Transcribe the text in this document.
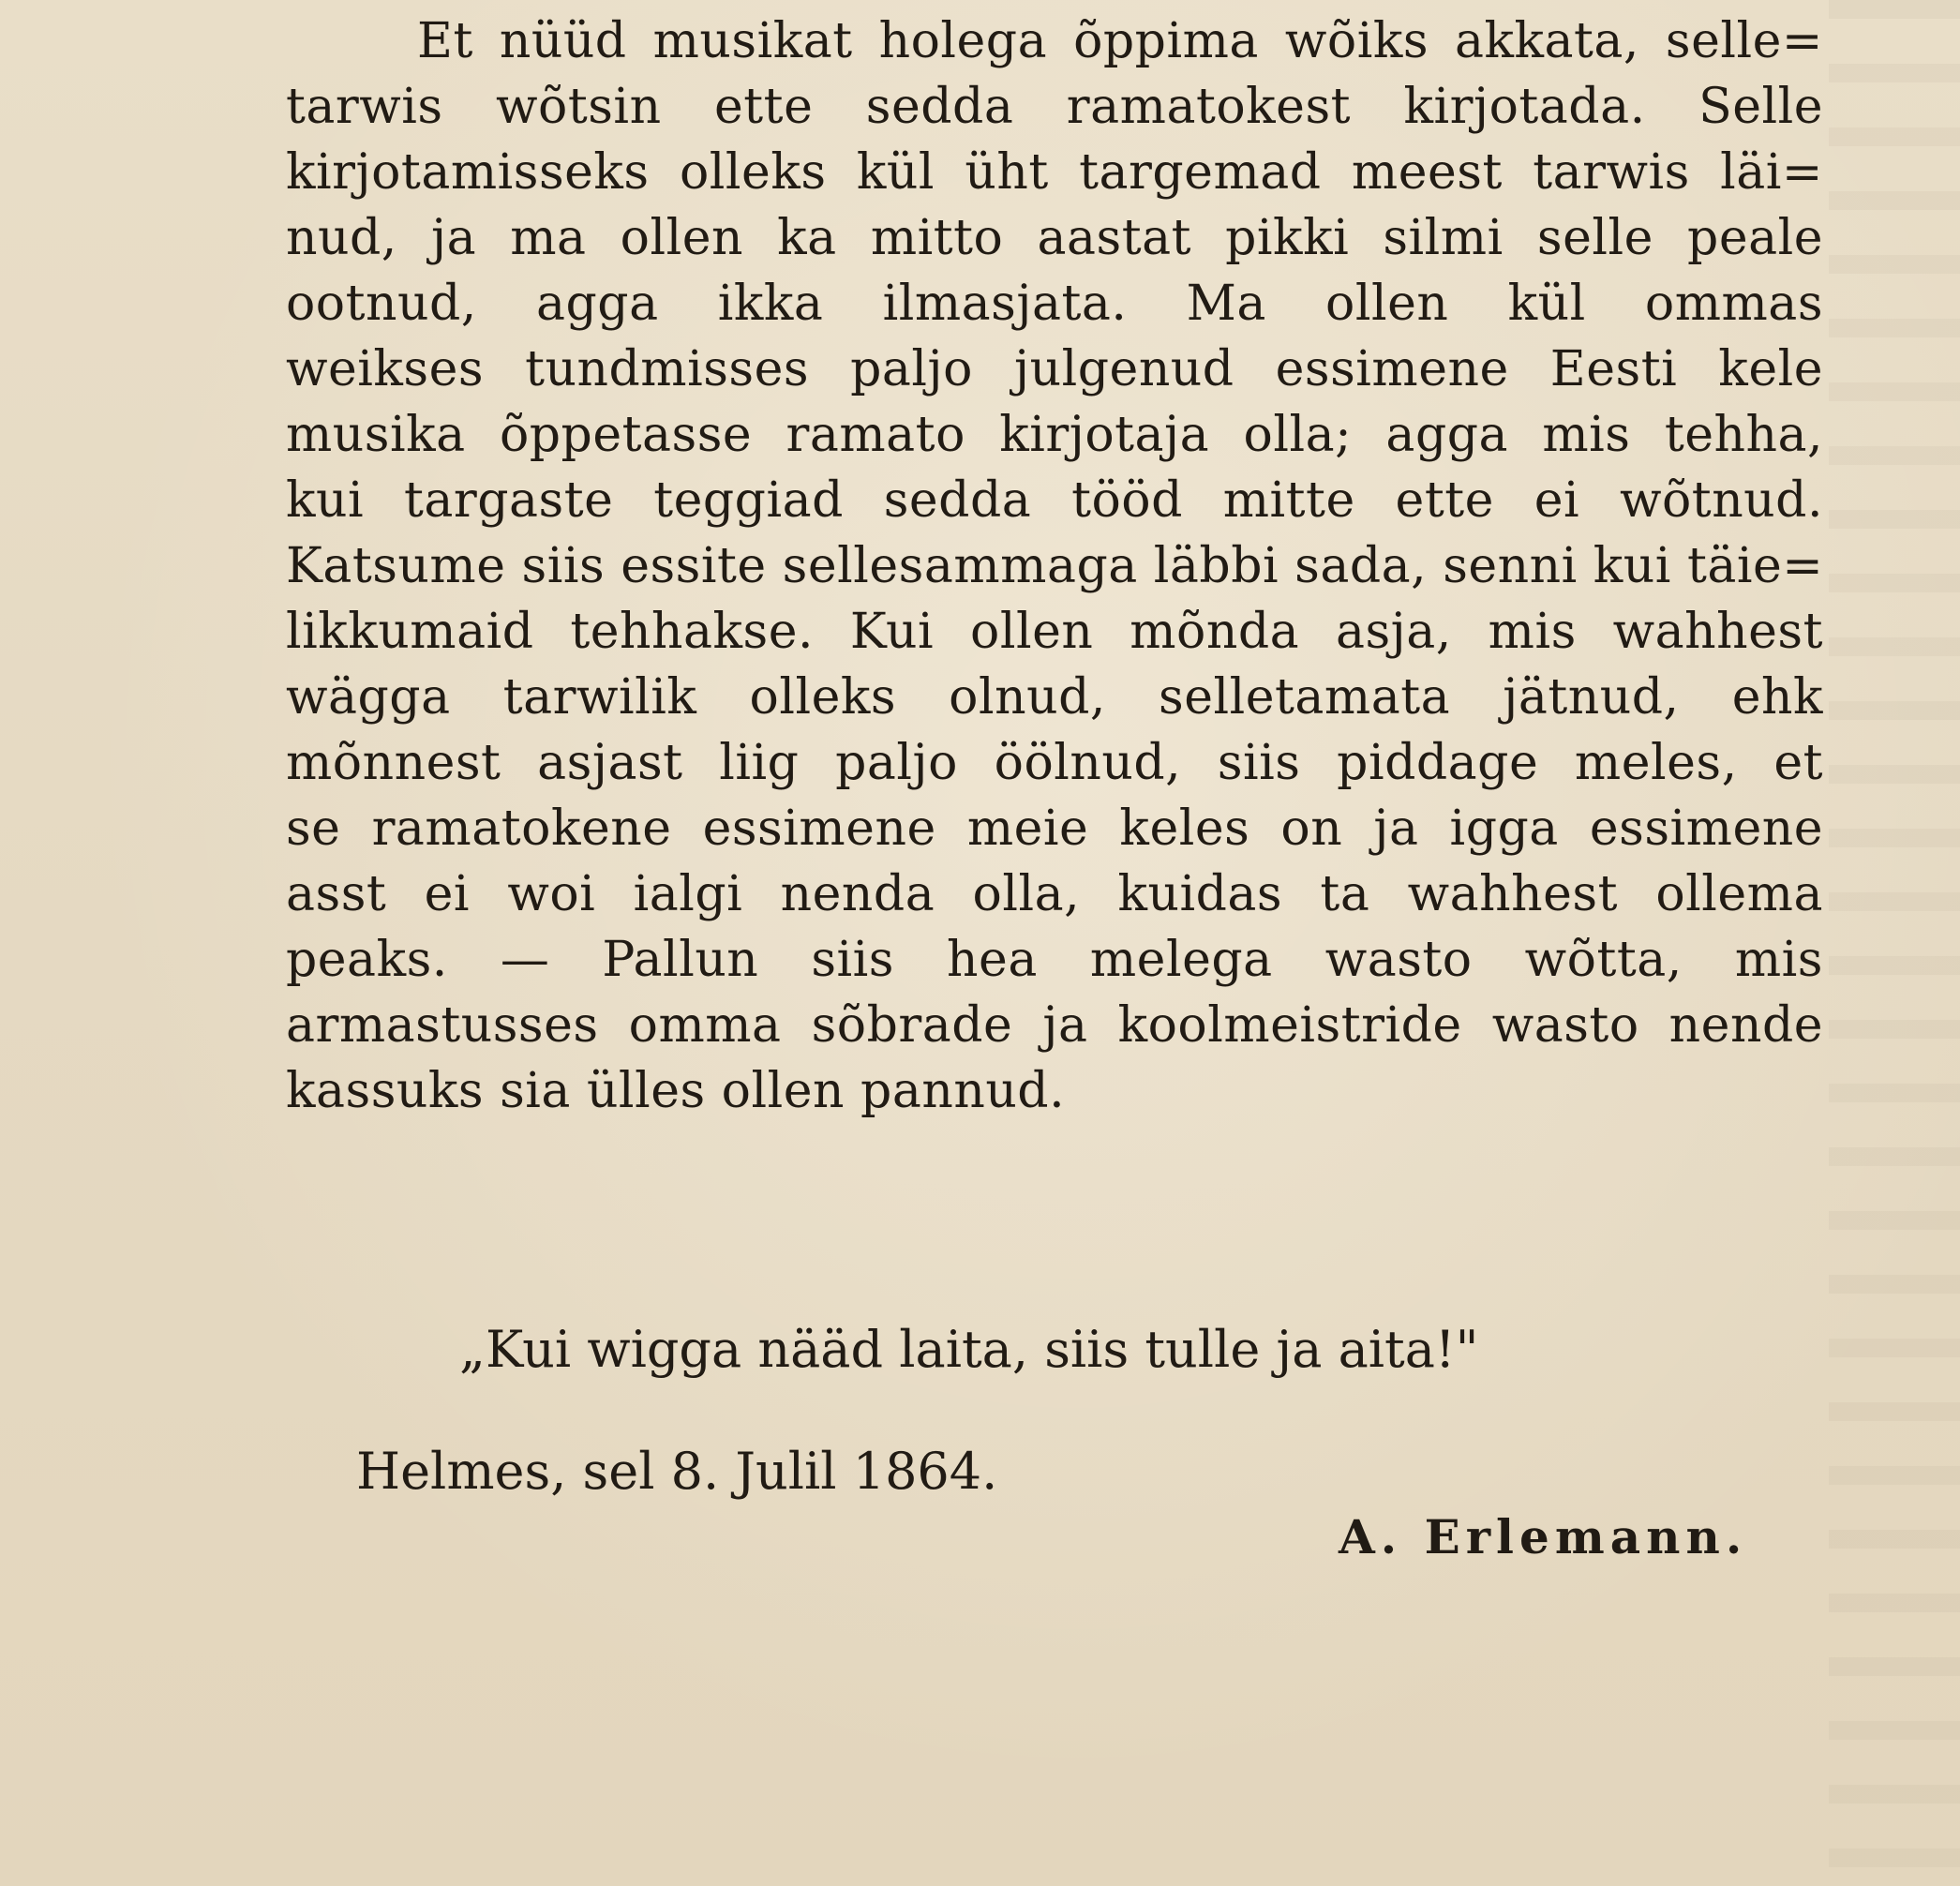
Et nüüd musikat holega õppima wõiks akkata, selle=
tarwis wõtsin ette sedda ramatokest kirjotada. Selle
kirjotamisseks olleks kül üht targemad meest tarwis läi=
nud, ja ma ollen ka mitto aastat pikki silmi selle peale
ootnud, agga ikka ilmasjata. Ma ollen kül ommas
weikses tundmisses paljo julgenud essimene Eesti kele
musika õppetasse ramato kirjotaja olla; agga mis tehha,
kui targaste teggiad sedda tööd mitte ette ei wõtnud.
Katsume siis essite sellesammaga läbbi sada, senni kui täie=
likkumaid tehhakse. Kui ollen mõnda asja, mis wahhest
wägga tarwilik olleks olnud, selletamata jätnud, ehk
mõnnest asjast liig paljo öölnud, siis piddage meles, et
se ramatokene essimene meie keles on ja igga essimene
asst ei woi ialgi nenda olla, kuidas ta wahhest ollema
peaks. — Pallun siis hea melega wasto wõtta, mis
armastusses omma sõbrade ja koolmeistride wasto nende
kassuks sia ülles ollen pannud.
„Kui wigga nääd laita, siis tulle ja aita!"
Helmes, sel 8. Julil 1864.
A. Erlemann.
